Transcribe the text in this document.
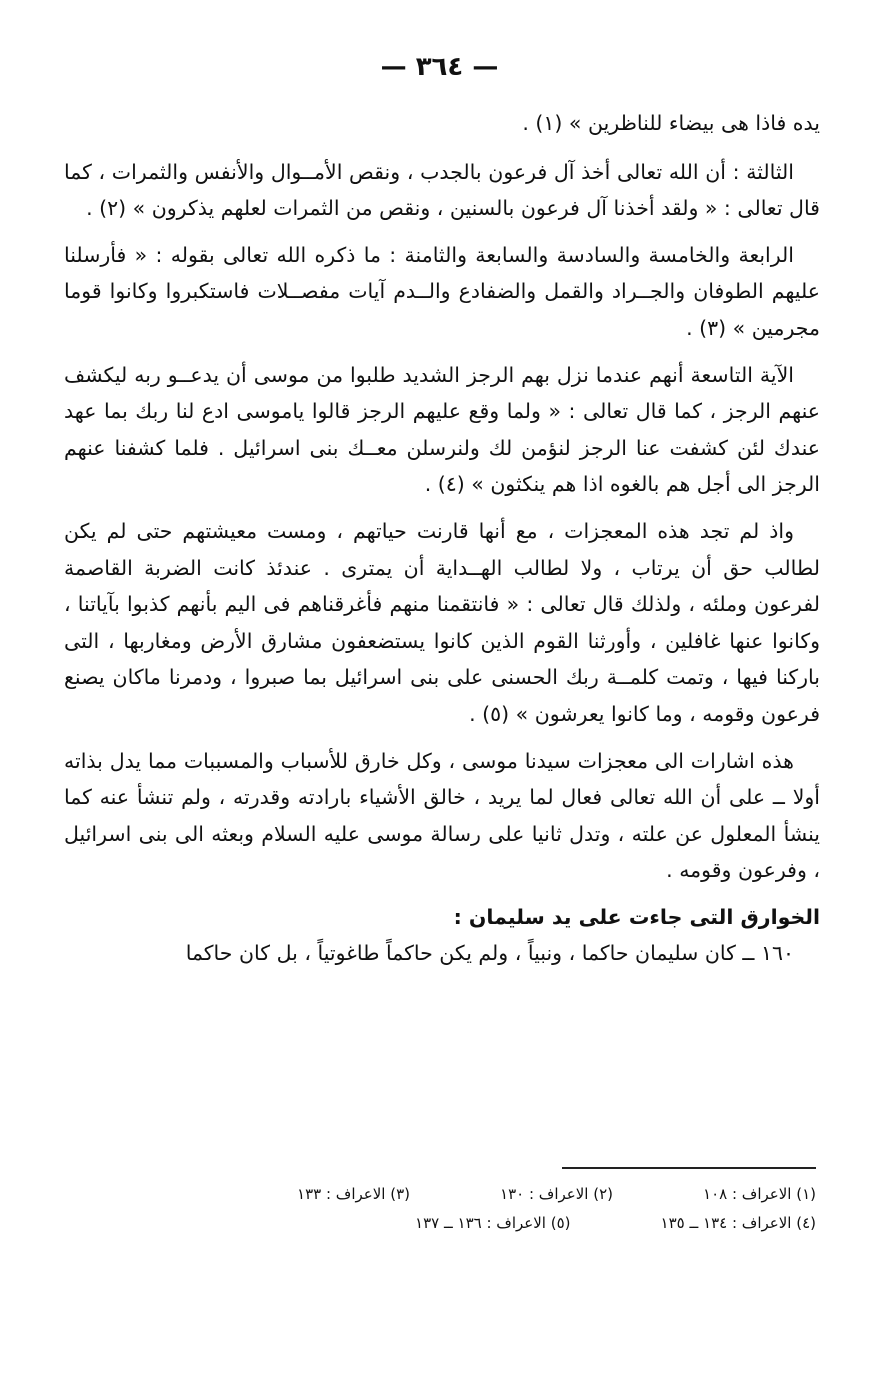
— ٣٦٤ —

يده فاذا هى بيضاء للناظرين » (١) .

الثالثة : أن الله تعالى أخذ آل فرعون بالجدب ، ونقص الأمــوال والأنفس والثمرات ، كما قال تعالى : « ولقد أخذنا آل فرعون بالسنين ، ونقص من الثمرات لعلهم يذكرون » (٢) .

الرابعة والخامسة والسادسة والسابعة والثامنة : ما ذكره الله تعالى بقوله : « فأرسلنا عليهم الطوفان والجــراد والقمل والضفادع والــدم آيات مفصــلات فاستكبروا وكانوا قوما مجرمين » (٣) .

الآية التاسعة أنهم عندما نزل بهم الرجز الشديد طلبوا من موسى أن يدعــو ربه ليكشف عنهم الرجز ، كما قال تعالى : « ولما وقع عليهم الرجز قالوا ياموسى ادع لنا ربك بما عهد عندك لئن كشفت عنا الرجز لنؤمن لك ولنرسلن معــك بنى اسرائيل . فلما كشفنا عنهم الرجز الى أجل هم بالغوه اذا هم ينكثون » (٤) .

واذ لم تجد هذه المعجزات ، مع أنها قارنت حياتهم ، ومست معيشتهم حتى لم يكن لطالب حق أن يرتاب ، ولا لطالب الهــداية أن يمترى . عندئذ كانت الضربة القاصمة لفرعون وملئه ، ولذلك قال تعالى : « فانتقمنا منهم فأغرقناهم فى اليم بأنهم كذبوا بآياتنا ، وكانوا عنها غافلين ، وأورثنا القوم الذين كانوا يستضعفون مشارق الأرض ومغاربها ، التى باركنا فيها ، وتمت كلمــة ربك الحسنى على بنى اسرائيل بما صبروا ، ودمرنا ماكان يصنع فرعون وقومه ، وما كانوا يعرشون » (٥) .

هذه اشارات الى معجزات سيدنا موسى ، وكل خارق للأسباب والمسببات مما يدل بذاته أولا ــ على أن الله تعالى فعال لما يريد ، خالق الأشياء بارادته وقدرته ، ولم تنشأ عنه كما ينشأ المعلول عن علته ، وتدل ثانيا على رسالة موسى عليه السلام وبعثه الى بنى اسرائيل ، وفرعون وقومه .

الخوارق التى جاءت على يد سليمان :

١٦٠ ــ كان سليمان حاكما ، ونبياً ، ولم يكن حاكماً طاغوتياً ، بل كان حاكما

(١) الاعراف : ١٠٨
(٢) الاعراف : ١٣٠
(٣) الاعراف : ١٣٣
(٤) الاعراف : ١٣٤ ــ ١٣٥
(٥) الاعراف : ١٣٦ ــ ١٣٧
